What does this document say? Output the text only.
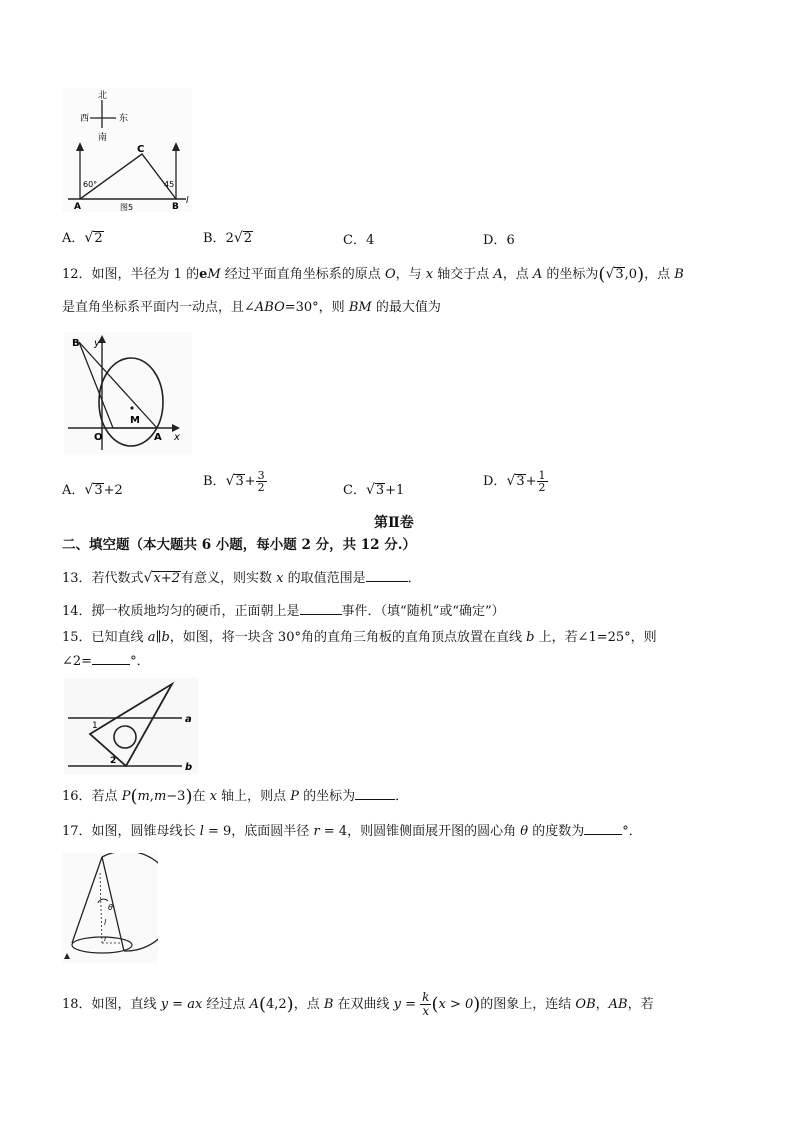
北
南
西	东
C
60°	45
A	B
l
图5
A．√2	B．2√2	C．4	D．6
12．如图，半径为 1 的eM 经过平面直角坐标系的原点 O，与 x 轴交于点 A，点 A 的坐标为(√3,0)，点 B
是直角坐标系平面内一动点，且∠ABO=30°，则 BM 的最大值为
B y
O
M
A x
A．√3+2
B．$√3+ \frac{3}{2}$	C．√3+1
D．$√3+ \frac{1}{2}$
第Ⅱ卷
二、填空题（本大题共 6 小题，每小题 2 分，共 12 分.）
13．若代数式√x+2有意义，则实数 x 的取值范围是	．
14．掷一枚质地均匀的硬币，正面朝上是	事件．（填“随机”或“确定”）
15．已知直线 a∥b，如图，将一块含 30°角的直角三角板的直角顶点放置在直线 b 上，若∠1=25°，则
∠2=	°．
1
2
a
b
16．若点 P(m,m−3)在 x 轴上，则点 P 的坐标为	．
17．如图，圆锥母线长 l = 9，底面圆半径 r = 4，则圆锥侧面展开图的圆心角 θ 的度数为	°．
θ
l
r
18．如图，直线 y = ax 经过点 A(4,2)，点 B 在双曲线 $y = \frac{k}{x} (x > 0)$的图象上，连结 OB，AB，若
